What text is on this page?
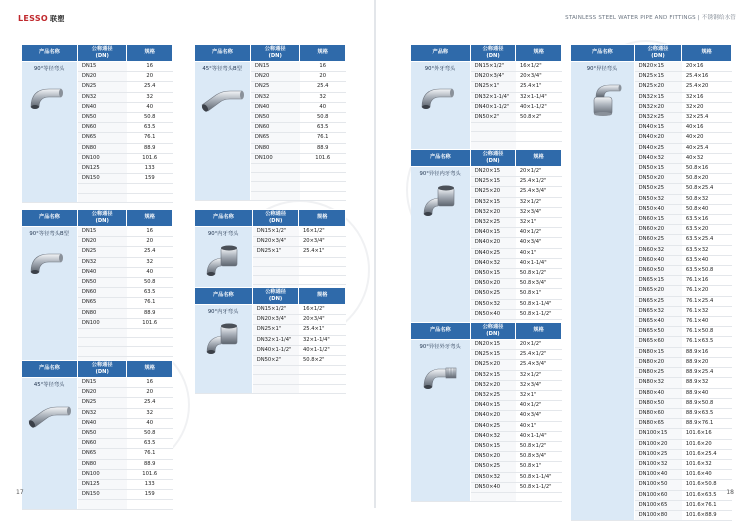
LESSO 联塑
产品名称	公称通径
(DN)	规格

90°等径弯头	DN15	16
	DN20	20
	DN25	25.4
	DN32	32
	DN40	40
	DN50	50.8
	DN60	63.5
	DN65	76.1
	DN80	88.9
	DN100	101.6
	DN125	133
	DN150	159

产品名称	公称通径
(DN)	规格

90°等径弯头B型	DN15	16
	DN20	20
	DN25	25.4
	DN32	32
	DN40	40
	DN50	50.8
	DN60	63.5
	DN65	76.1
	DN80	88.9
	DN100	101.6

产品名称	公称通径
(DN)	规格

45°等径弯头	DN15	16
	DN20	20
	DN25	25.4
	DN32	32
	DN40	40
	DN50	50.8
	DN60	63.5
	DN65	76.1
	DN80	88.9
	DN100	101.6
	DN125	133
	DN150	159

产品名称	公称通径
(DN)	规格

45°等径弯头B型	DN15	16
	DN20	20
	DN25	25.4
	DN32	32
	DN40	40
	DN50	50.8
	DN60	63.5
	DN65	76.1
	DN80	88.9
	DN100	101.6

产品名称	公称通径
(DN)	规格

90°内牙弯头	DN15×1/2"	16×1/2"
	DN20×3/4"	20×3/4"
	DN25×1"	25.4×1"

产品名称	公称通径
(DN)	规格

90°内牙弯头	DN15×1/2"	16×1/2"
	DN20×3/4"	20×3/4"
	DN25×1"	25.4×1"
	DN32×1-1/4"	32×1-1/4"
	DN40×1-1/2"	40×1-1/2"
	DN50×2"	50.8×2"

17
STAINLESS STEEL WATER PIPE AND FITTINGS | 不锈钢给水管
产品称	公称通径
(DN)	规格

90°外牙弯头	DN15×1/2"	16×1/2"
	DN20×3/4"	20×3/4"
	DN25×1"	25.4×1"
	DN32×1-1/4"	32×1-1/4"
	DN40×1-1/2"	40×1-1/2"
	DN50×2"	50.8×2"

产品名称	公称通径
(DN)	规格

90°异径内牙弯头	DN20×15	20×1/2"
	DN25×15	25.4×1/2"
	DN25×20	25.4×3/4"
	DN32×15	32×1/2"
	DN32×20	32×3/4"
	DN32×25	32×1"
	DN40×15	40×1/2"
	DN40×20	40×3/4"
	DN40×25	40×1"
	DN40×32	40×1-1/4"
	DN50×15	50.8×1/2"
	DN50×20	50.8×3/4"
	DN50×25	50.8×1"
	DN50×32	50.8×1-1/4"
	DN50×40	50.8×1-1/2"

产品名称	公称通径
(DN)	规格

90°异径外牙弯头	DN20×15	20×1/2"
	DN25×15	25.4×1/2"
	DN25×20	25.4×3/4"
	DN32×15	32×1/2"
	DN32×20	32×3/4"
	DN32×25	32×1"
	DN40×15	40×1/2"
	DN40×20	40×3/4"
	DN40×25	40×1"
	DN40×32	40×1-1/4"
	DN50×15	50.8×1/2"
	DN50×20	50.8×3/4"
	DN50×25	50.8×1"
	DN50×32	50.8×1-1/4"
	DN50×40	50.8×1-1/2"

产品名称	公称通径
(DN)	规格

90°异径弯头	DN20×15	20×16
	DN25×15	25.4×16
	DN25×20	25.4×20
	DN32×15	32×16
	DN32×20	32×20
	DN32×25	32×25.4
	DN40×15	40×16
	DN40×20	40×20
	DN40×25	40×25.4
	DN40×32	40×32
	DN50×15	50.8×16
	DN50×20	50.8×20
	DN50×25	50.8×25.4
	DN50×32	50.8×32
	DN50×40	50.8×40
	DN60×15	63.5×16
	DN60×20	63.5×20
	DN60×25	63.5×25.4
	DN60×32	63.5×32
	DN60×40	63.5×40
	DN60×50	63.5×50.8
	DN65×15	76.1×16
	DN65×20	76.1×20
	DN65×25	76.1×25.4
	DN65×32	76.1×32
	DN65×40	76.1×40
	DN65×50	76.1×50.8
	DN65×60	76.1×63.5
	DN80×15	88.9×16
	DN80×20	88.9×20
	DN80×25	88.9×25.4
	DN80×32	88.9×32
	DN80×40	88.9×40
	DN80×50	88.9×50.8
	DN80×60	88.9×63.5
	DN80×65	88.9×76.1
	DN100×15	101.6×16
	DN100×20	101.6×20
	DN100×25	101.6×25.4
	DN100×32	101.6×32
	DN100×40	101.6×40
	DN100×50	101.6×50.8
	DN100×60	101.6×63.5
	DN100×65	101.6×76.1
	DN100×80	101.6×88.9
18
